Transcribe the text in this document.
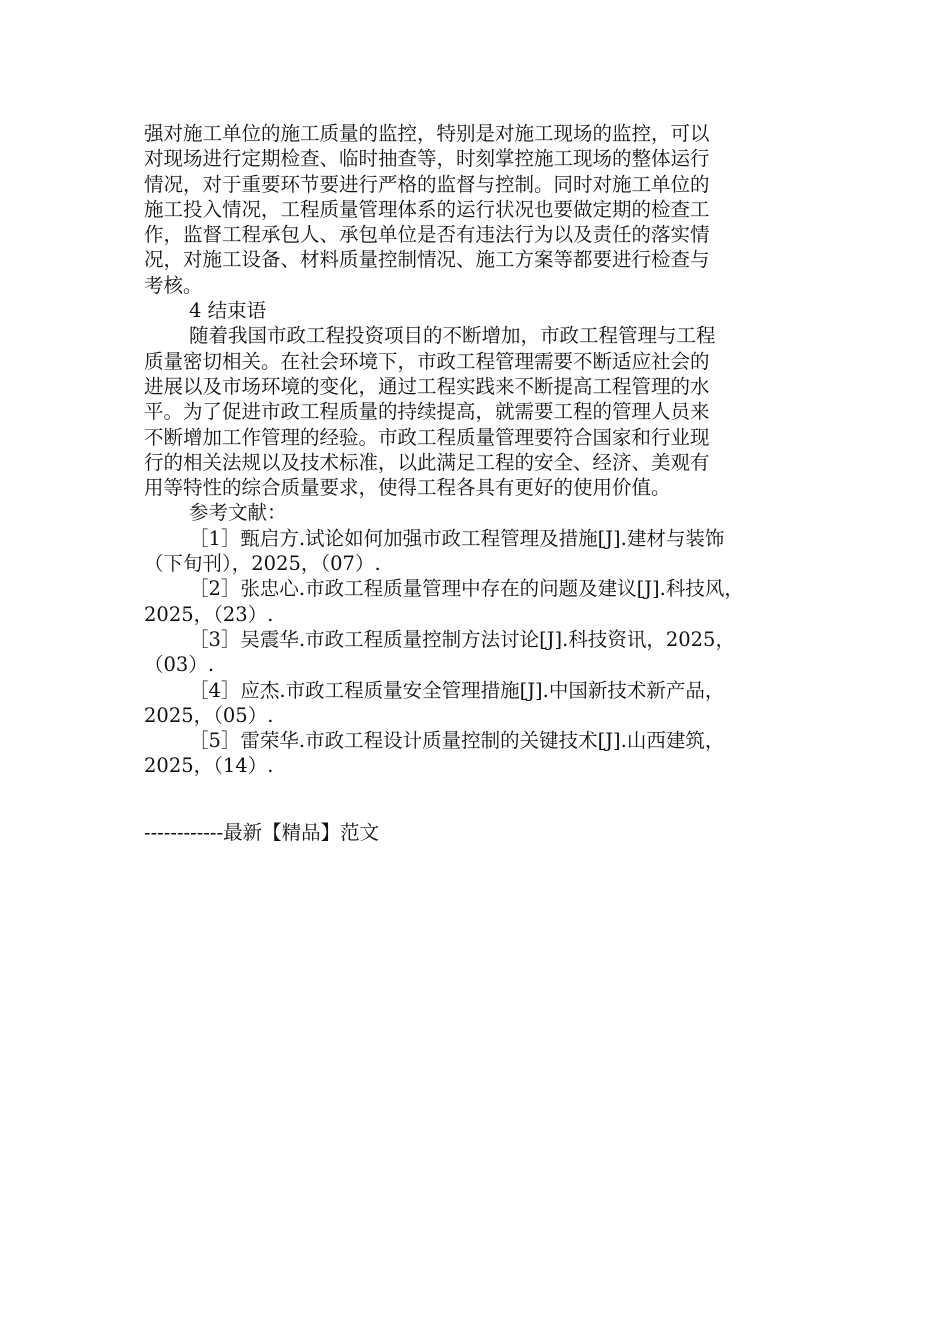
强对施工单位的施工质量的监控，特别是对施工现场的监控，可以
对现场进行定期检查、临时抽查等，时刻掌控施工现场的整体运行
情况，对于重要环节要进行严格的监督与控制。同时对施工单位的
施工投入情况，工程质量管理体系的运行状况也要做定期的检查工
作，监督工程承包人、承包单位是否有违法行为以及责任的落实情
况，对施工设备、材料质量控制情况、施工方案等都要进行检查与
考核。
4 结束语
随着我国市政工程投资项目的不断增加，市政工程管理与工程
质量密切相关。在社会环境下，市政工程管理需要不断适应社会的
进展以及市场环境的变化，通过工程实践来不断提高工程管理的水
平。为了促进市政工程质量的持续提高，就需要工程的管理人员来
不断增加工作管理的经验。市政工程质量管理要符合国家和行业现
行的相关法规以及技术标准，以此满足工程的安全、经济、美观有
用等特性的综合质量要求，使得工程各具有更好的使用价值。
参考文献：
［1］甄启方.试论如何加强市政工程管理及措施[J].建材与装饰
（下旬刊），2025，（07）.
［2］张忠心.市政工程质量管理中存在的问题及建议[J].科技风，
2025，（23）.
［3］吴震华.市政工程质量控制方法讨论[J].科技资讯，2025，
（03）.
［4］应杰.市政工程质量安全管理措施[J].中国新技术新产品，
2025，（05）.
［5］雷荣华.市政工程设计质量控制的关键技术[J].山西建筑，
2025，（14）.
------------最新【精品】范文
